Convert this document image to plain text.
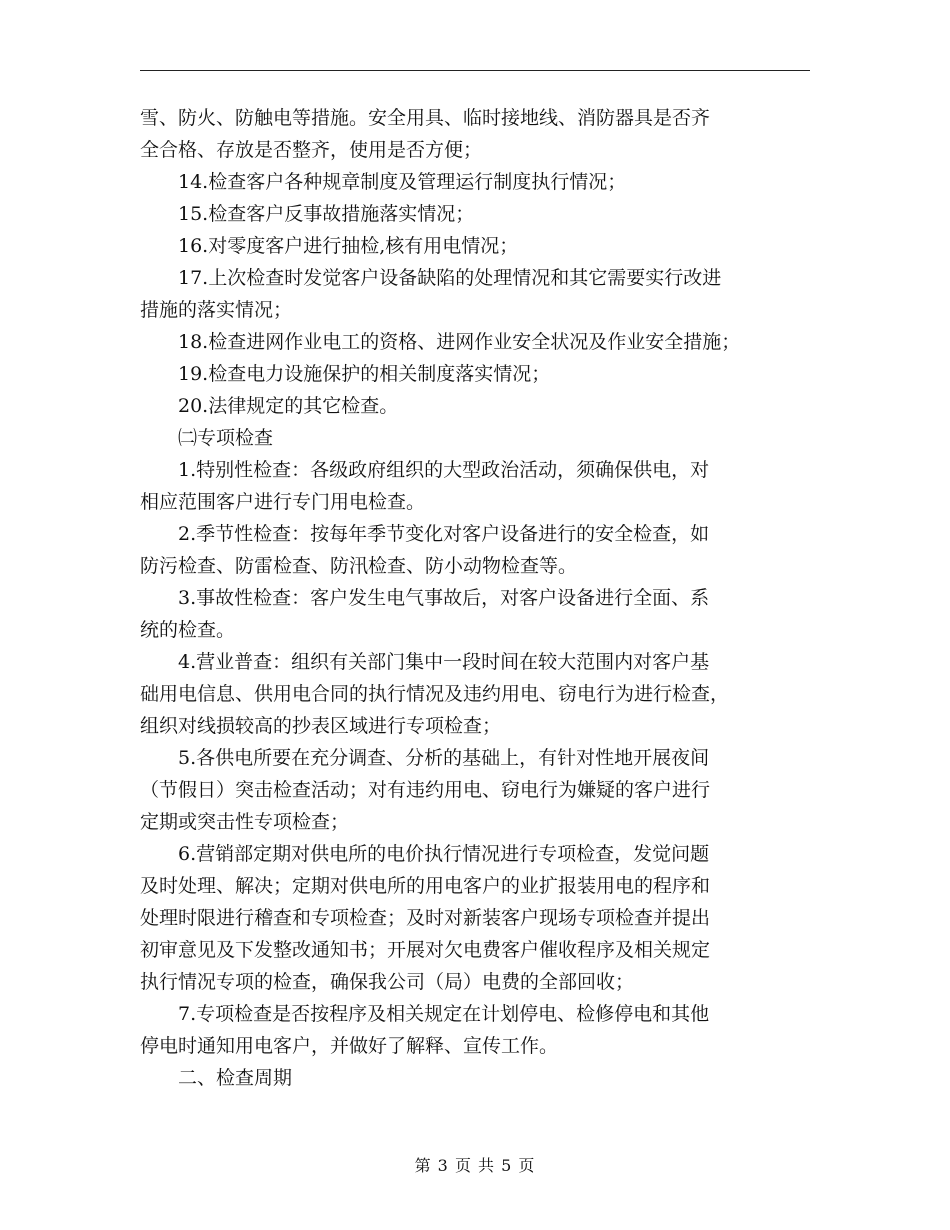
雪、防火、防触电等措施。安全用具、临时接地线、消防器具是否齐

全合格、存放是否整齐，使用是否方便；

14.检查客户各种规章制度及管理运行制度执行情况；

15.检查客户反事故措施落实情况；

16.对零度客户进行抽检,核有用电情况；

17.上次检查时发觉客户设备缺陷的处理情况和其它需要实行改进

措施的落实情况；

18.检查进网作业电工的资格、进网作业安全状况及作业安全措施；

19.检查电力设施保护的相关制度落实情况；

20.法律规定的其它检查。

㈡专项检查

1.特别性检查：各级政府组织的大型政治活动，须确保供电，对

相应范围客户进行专门用电检查。

2.季节性检查：按每年季节变化对客户设备进行的安全检查，如

防污检查、防雷检查、防汛检查、防小动物检查等。

3.事故性检查：客户发生电气事故后，对客户设备进行全面、系

统的检查。

4.营业普查：组织有关部门集中一段时间在较大范围内对客户基

础用电信息、供用电合同的执行情况及违约用电、窃电行为进行检查，

组织对线损较高的抄表区域进行专项检查；

5.各供电所要在充分调查、分析的基础上，有针对性地开展夜间

（节假日）突击检查活动；对有违约用电、窃电行为嫌疑的客户进行

定期或突击性专项检查；

6.营销部定期对供电所的电价执行情况进行专项检查，发觉问题

及时处理、解决；定期对供电所的用电客户的业扩报装用电的程序和

处理时限进行稽查和专项检查；及时对新装客户现场专项检查并提出

初审意见及下发整改通知书；开展对欠电费客户催收程序及相关规定

执行情况专项的检查，确保我公司（局）电费的全部回收；

7.专项检查是否按程序及相关规定在计划停电、检修停电和其他

停电时通知用电客户，并做好了解释、宣传工作。

二、检查周期

第 3 页 共 5 页
